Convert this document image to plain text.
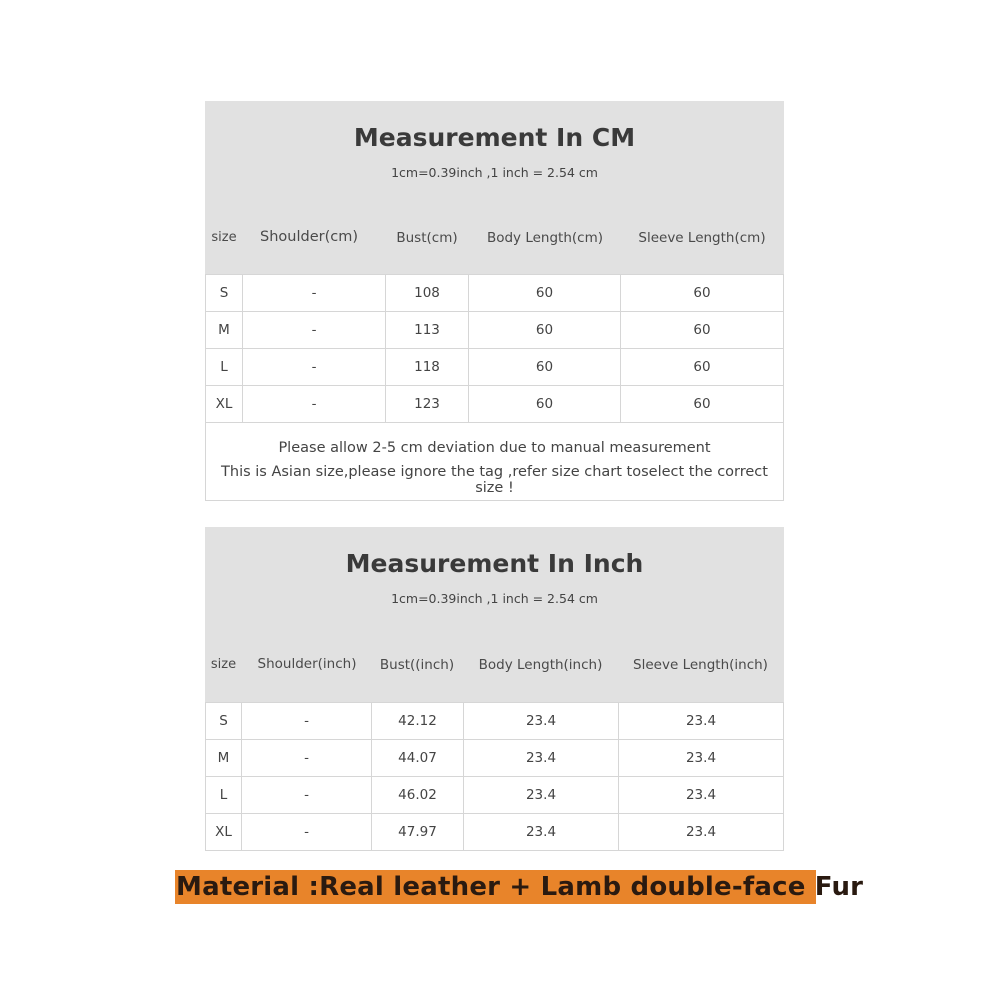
Measurement In CM
1cm=0.39inch ,1 inch = 2.54 cm
size	Shoulder(cm)	Bust(cm)	Body Length(cm)	Sleeve Length(cm)
S	-	108	60	60
M	-	113	60	60
L	-	118	60	60
XL	-	123	60	60
Please allow 2-5 cm deviation due to manual measurement
This is Asian size,please ignore the tag ,refer size chart toselect the correct size !
Measurement In Inch
1cm=0.39inch ,1 inch = 2.54 cm
size	Shoulder(inch)	Bust((inch)	Body Length(inch)	Sleeve Length(inch)
S	-	42.12	23.4	23.4
M	-	44.07	23.4	23.4
L	-	46.02	23.4	23.4
XL	-	47.97	23.4	23.4
Material :Real leather + Lamb double-face Fur
